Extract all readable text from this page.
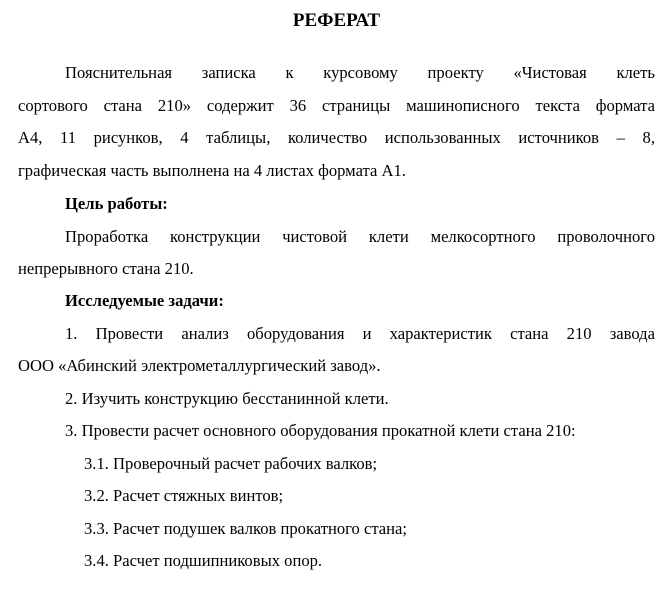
РЕФЕРАТ
Пояснительная записка к курсовому проекту «Чистовая клеть
сортового стана 210» содержит 36 страницы машинописного текста формата
А4, 11 рисунков, 4 таблицы, количество использованных источников – 8,
графическая часть выполнена на 4 листах формата А1.
Цель работы:
Проработка конструкции чистовой клети мелкосортного проволочного
непрерывного стана 210.
Исследуемые задачи:
1. Провести анализ оборудования и характеристик стана 210 завода
ООО «Абинский электрометаллургический завод».
2. Изучить конструкцию бесстанинной клети.
3. Провести расчет основного оборудования прокатной клети стана 210:
3.1. Проверочный расчет рабочих валков;
3.2. Расчет стяжных винтов;
3.3. Расчет подушек валков прокатного стана;
3.4. Расчет подшипниковых опор.
